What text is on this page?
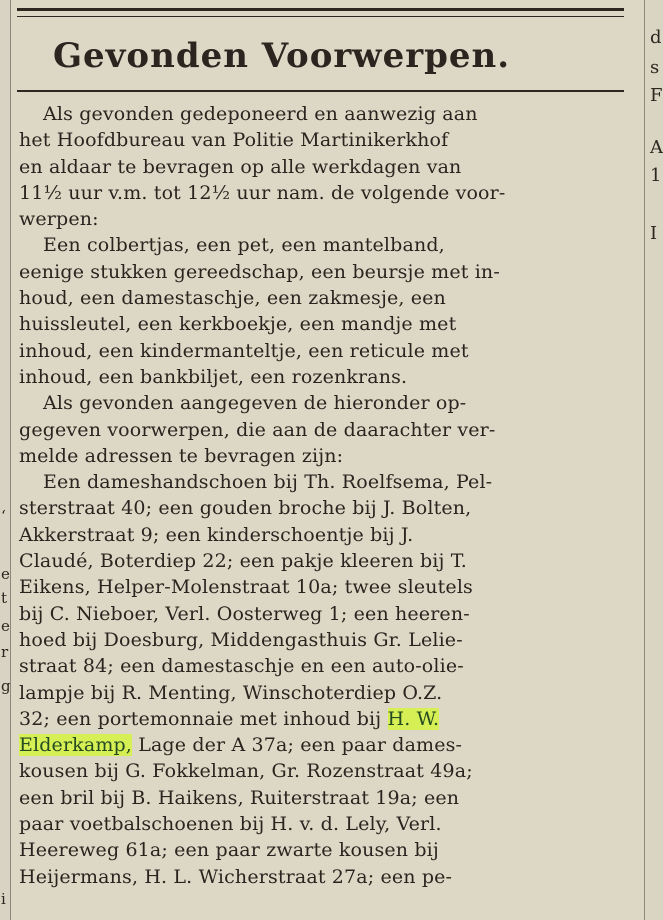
‘
e
t
e
r
g
i
d
s
F
A
1
I
Gevonden Voorwerpen.
Als gevonden gedeponeerd en aanwezig aan
het Hoofdbureau van Politie Martinikerkhof
en aldaar te bevragen op alle werkdagen van
11½ uur v.m. tot 12½ uur nam. de volgende voor-
werpen:
Een colbertjas, een pet, een mantelband,
eenige stukken gereedschap, een beursje met in-
houd, een damestaschje, een zakmesje, een
huissleutel, een kerkboekje, een mandje met
inhoud, een kindermanteltje, een reticule met
inhoud, een bankbiljet, een rozenkrans.
Als gevonden aangegeven de hieronder op-
gegeven voorwerpen, die aan de daarachter ver-
melde adressen te bevragen zijn:
Een dameshandschoen bij Th. Roelfsema, Pel-
sterstraat 40; een gouden broche bij J. Bolten,
Akkerstraat 9; een kinderschoentje bij J.
Claudé, Boterdiep 22; een pakje kleeren bij T.
Eikens, Helper-Molenstraat 10a; twee sleutels
bij C. Nieboer, Verl. Oosterweg 1; een heeren-
hoed bij Doesburg, Middengasthuis Gr. Lelie-
straat 84; een damestaschje en een auto-olie-
lampje bij R. Menting, Winschoterdiep O.Z.
32; een portemonnaie met inhoud bij H. W.
Elderkamp, Lage der A 37a; een paar dames-
kousen bij G. Fokkelman, Gr. Rozenstraat 49a;
een bril bij B. Haikens, Ruiterstraat 19a; een
paar voetbalschoenen bij H. v. d. Lely, Verl.
Heereweg 61a; een paar zwarte kousen bij
Heijermans, H. L. Wicherstraat 27a; een pe-
